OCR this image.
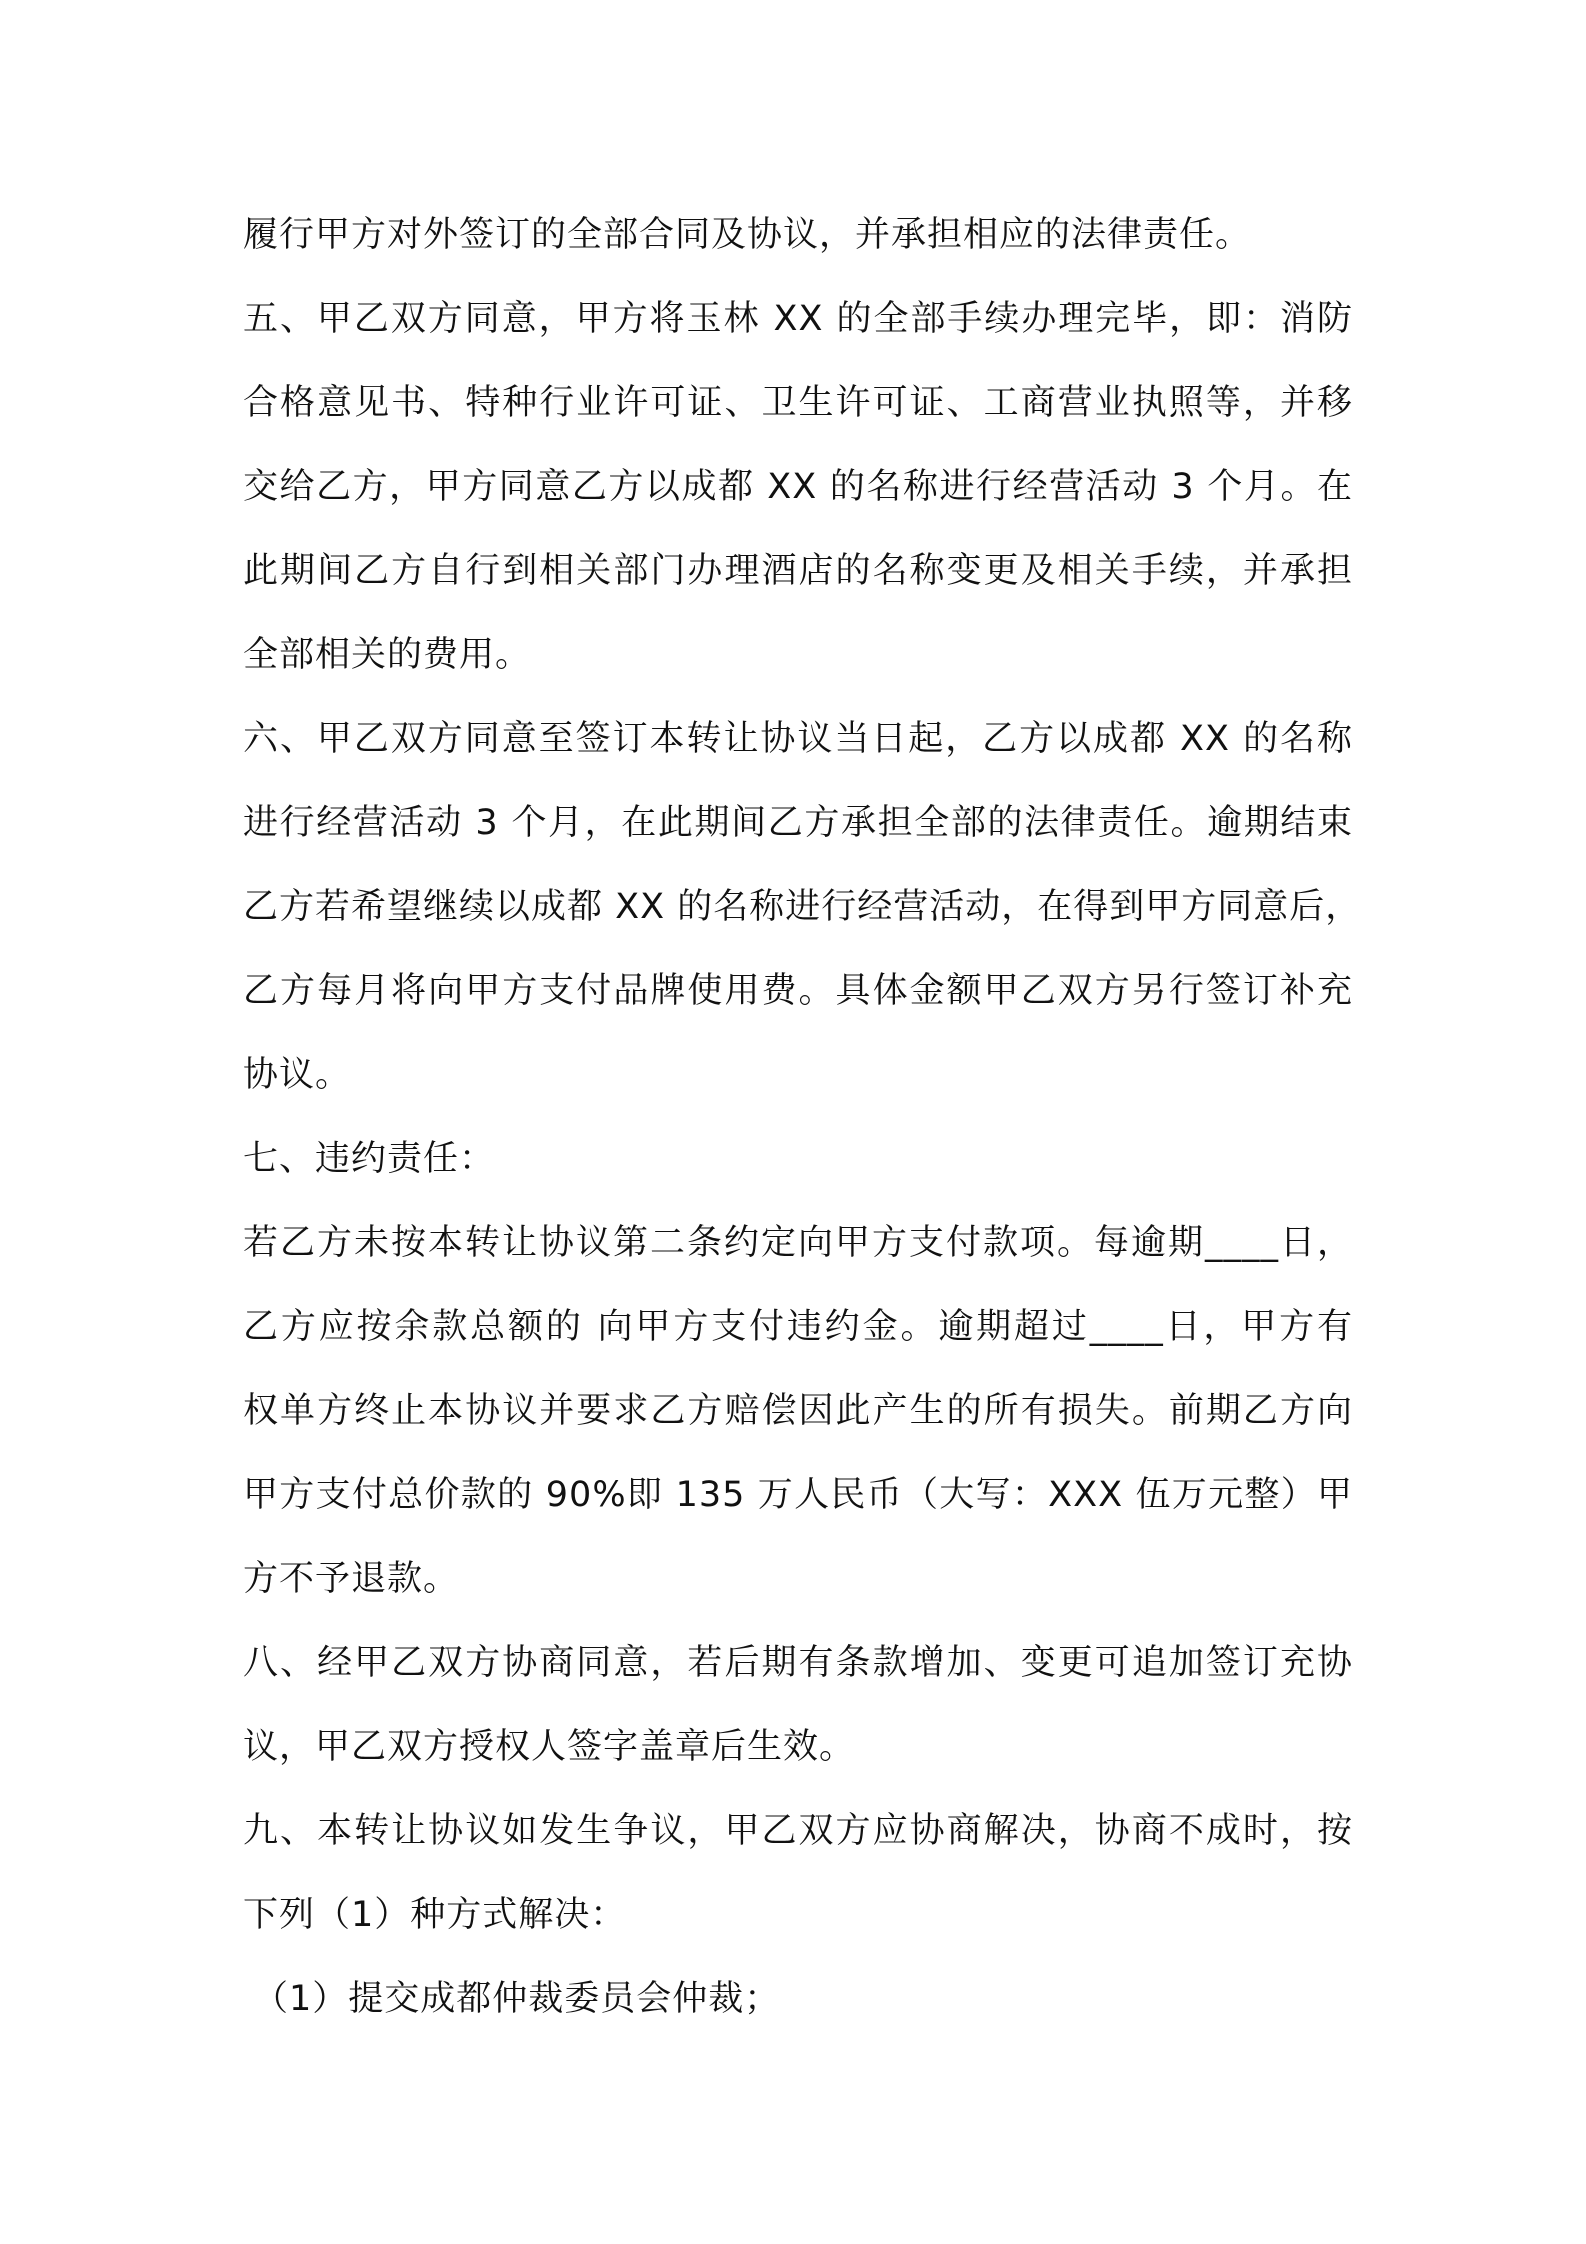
履行甲方对外签订的全部合同及协议，并承担相应的法律责任。
五、甲乙双方同意，甲方将玉林 XX 的全部手续办理完毕，即：消防
合格意见书、特种行业许可证、卫生许可证、工商营业执照等，并移
交给乙方，甲方同意乙方以成都 XX 的名称进行经营活动 3 个月。在
此期间乙方自行到相关部门办理酒店的名称变更及相关手续，并承担
全部相关的费用。
六、甲乙双方同意至签订本转让协议当日起，乙方以成都 XX 的名称
进行经营活动 3 个月，在此期间乙方承担全部的法律责任。逾期结束
乙方若希望继续以成都 XX 的名称进行经营活动，在得到甲方同意后，
乙方每月将向甲方支付品牌使用费。具体金额甲乙双方另行签订补充
协议。
七、违约责任：
若乙方未按本转让协议第二条约定向甲方支付款项。每逾期____日，
乙方应按余款总额的 向甲方支付违约金。逾期超过____日，甲方有
权单方终止本协议并要求乙方赔偿因此产生的所有损失。前期乙方向
甲方支付总价款的 90%即 135 万人民币（大写：XXX 伍万元整）甲
方不予退款。
八、经甲乙双方协商同意，若后期有条款增加、变更可追加签订充协
议，甲乙双方授权人签字盖章后生效。
九、本转让协议如发生争议，甲乙双方应协商解决，协商不成时，按
下列（1）种方式解决：
（1）提交成都仲裁委员会仲裁；
